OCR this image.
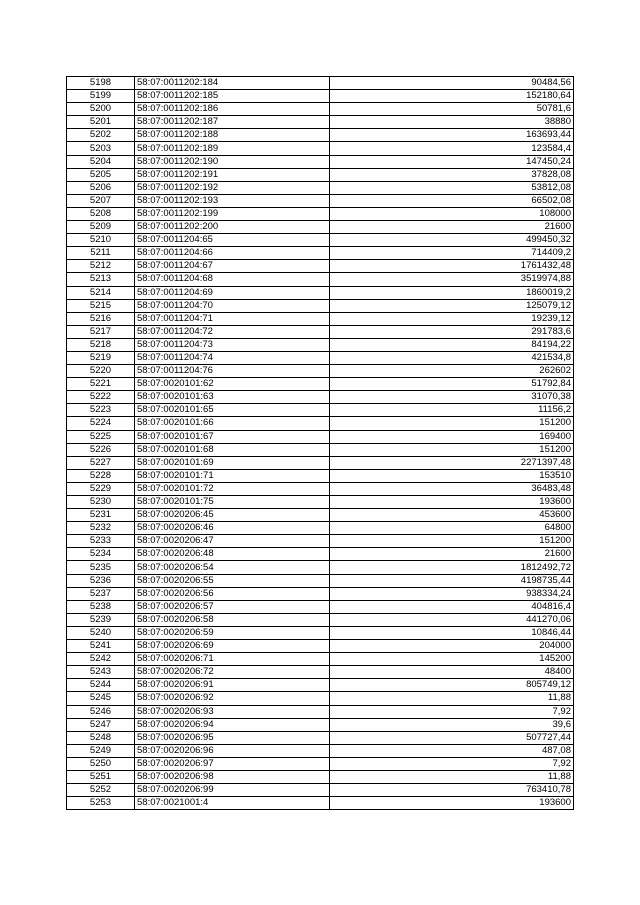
5198	58:07:0011202:184	90484,56
5199	58:07:0011202:185	152180,64
5200	58:07:0011202:186	50781,6
5201	58:07:0011202:187	38880
5202	58:07:0011202:188	163693,44
5203	58:07:0011202:189	123584,4
5204	58:07:0011202:190	147450,24
5205	58:07:0011202:191	37828,08
5206	58:07:0011202:192	53812,08
5207	58:07:0011202:193	66502,08
5208	58:07:0011202:199	108000
5209	58:07:0011202:200	21600
5210	58:07:0011204:65	499450,32
5211	58:07:0011204:66	714409,2
5212	58:07:0011204:67	1761432,48
5213	58:07:0011204:68	3519974,88
5214	58:07:0011204:69	1860019,2
5215	58:07:0011204:70	125079,12
5216	58:07:0011204:71	19239,12
5217	58:07:0011204:72	291783,6
5218	58:07:0011204:73	84194,22
5219	58:07:0011204:74	421534,8
5220	58:07:0011204:76	262602
5221	58:07:0020101:62	51792,84
5222	58:07:0020101:63	31070,38
5223	58:07:0020101:65	11156,2
5224	58:07:0020101:66	151200
5225	58:07:0020101:67	169400
5226	58:07:0020101:68	151200
5227	58:07:0020101:69	2271397,48
5228	58:07:0020101:71	153510
5229	58:07:0020101:72	36483,48
5230	58:07:0020101:75	193600
5231	58:07:0020206:45	453600
5232	58:07:0020206:46	64800
5233	58:07:0020206:47	151200
5234	58:07:0020206:48	21600
5235	58:07:0020206:54	1812492,72
5236	58:07:0020206:55	4198735,44
5237	58:07:0020206:56	938334,24
5238	58:07:0020206:57	404816,4
5239	58:07:0020206:58	441270,06
5240	58:07:0020206:59	10846,44
5241	58:07:0020206:69	204000
5242	58:07:0020206:71	145200
5243	58:07:0020206:72	48400
5244	58:07:0020206:91	805749,12
5245	58:07:0020206:92	11,88
5246	58:07:0020206:93	7,92
5247	58:07:0020206:94	39,6
5248	58:07:0020206:95	507727,44
5249	58:07:0020206:96	487,08
5250	58:07:0020206:97	7,92
5251	58:07:0020206:98	11,88
5252	58:07:0020206:99	763410,78
5253	58:07:0021001:4	193600
